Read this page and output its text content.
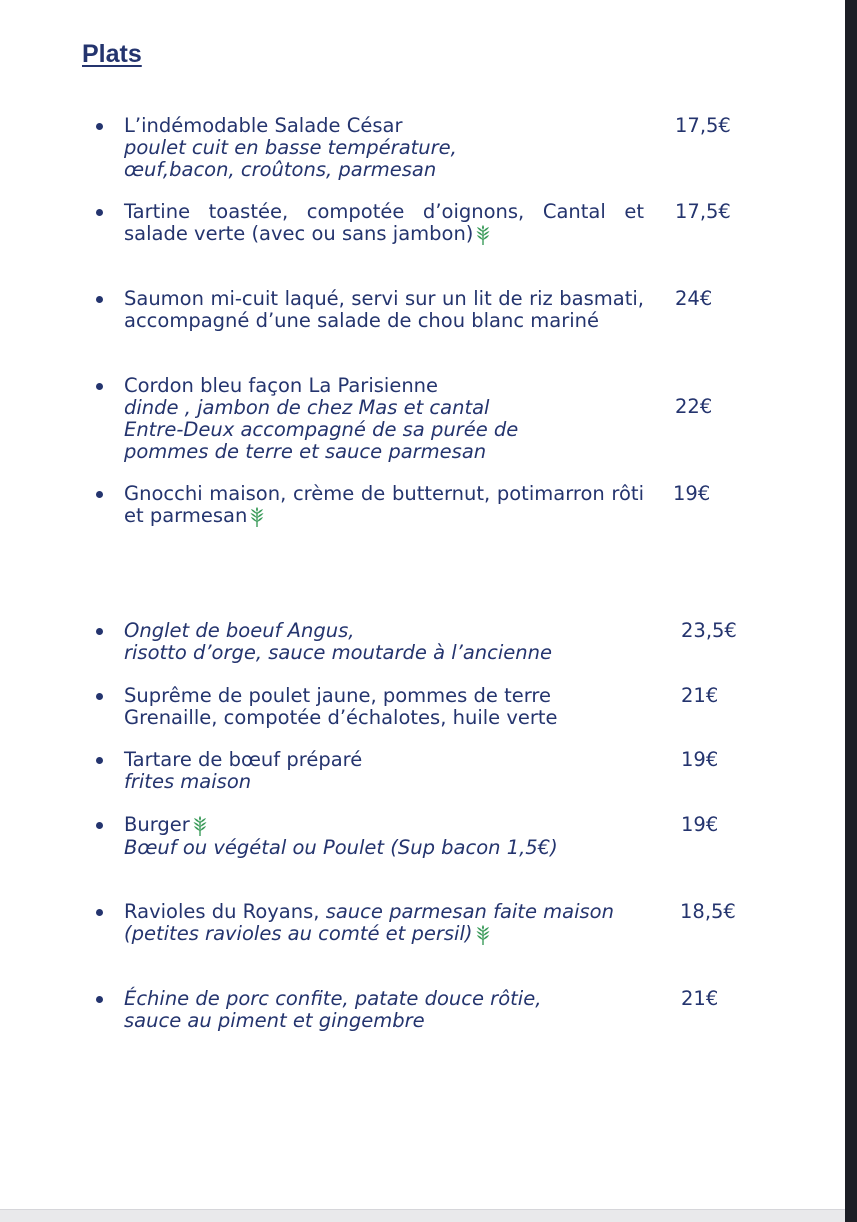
Plats
L’indémodable Salade César
poulet cuit en basse température,
œuf,bacon, croûtons, parmesan
17,5€
Tartine toastée, compotée d’oignons, Cantal et salade verte (avec ou sans jambon)
17,5€
Saumon mi-cuit laqué, servi sur un lit de riz basmati, accompagné d’une salade de chou blanc mariné
24€
Cordon bleu façon La Parisienne
dinde , jambon de chez Mas et cantal
Entre-Deux accompagné de sa purée de
pommes de terre et sauce parmesan
22€
Gnocchi maison, crème de butternut, potimarron rôti et parmesan
19€
Onglet de boeuf Angus,
risotto d’orge, sauce moutarde à l’ancienne
23,5€
Suprême de poulet jaune, pommes de terre
Grenaille, compotée d’échalotes, huile verte
21€
Tartare de bœuf préparé
frites maison
19€
Burger
Bœuf ou végétal ou Poulet (Sup bacon 1,5€)
19€
Ravioles du Royans, sauce parmesan faite maison
(petites ravioles au comté et persil)
18,5€
Échine de porc confite, patate douce rôtie,
sauce au piment et gingembre
21€
